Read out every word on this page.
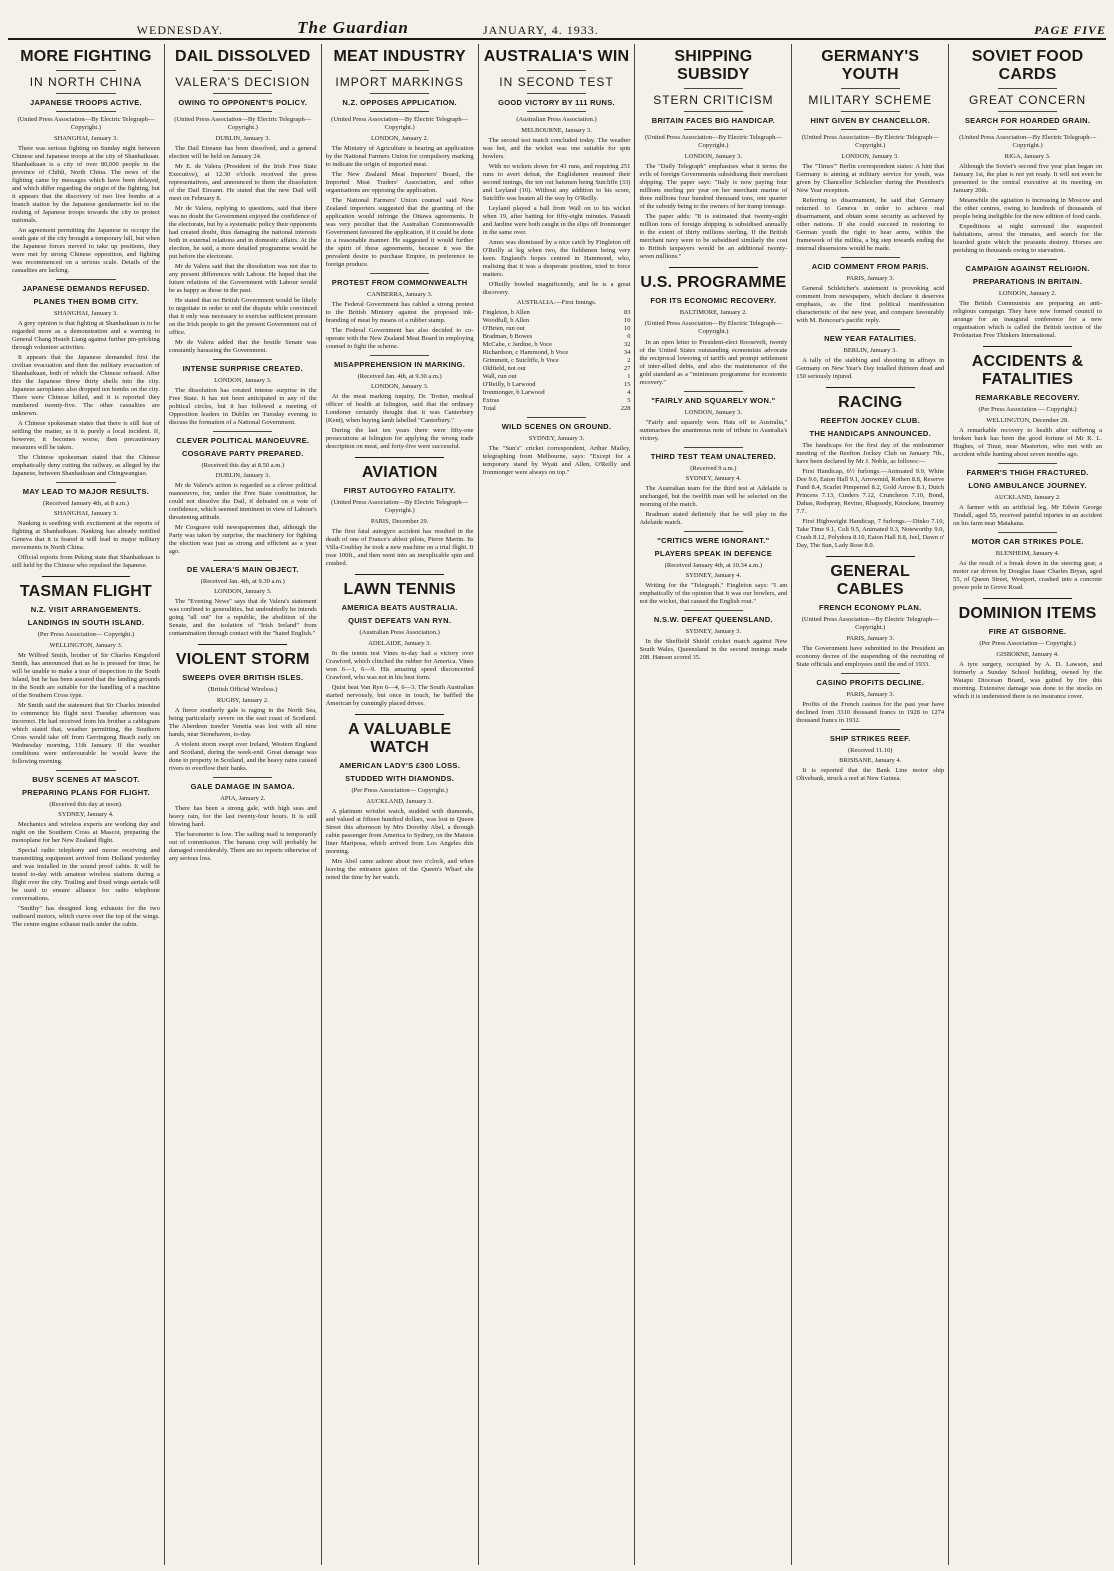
WEDNESDAY.	The Guardian	JANUARY, 4. 1933.	PAGE FIVE
MORE FIGHTING
IN NORTH CHINA
JAPANESE TROOPS ACTIVE.
(United Press Association—By Electric Telegraph—Copyright.)
SHANGHAI, January 3.

There was serious fighting on Sunday night between Chinese and Japanese troops at the city of Shanhaikuan. Shanhaikuan is a city of over 80,000 people in the province of Chihli, North China. The news of the fighting came by messages which have been delayed, and which differ regarding the origin of the fighting, but it appears that the discovery of two live bombs at a branch station by the Japanese gendarmerie led to the rushing of Japanese troops towards the city to protect nationals.

An agreement permitting the Japanese to occupy the south gate of the city brought a temporary lull, but when the Japanese forces moved to take up positions, they were met by strong Chinese opposition, and fighting was recommenced on a serious scale. Details of the casualties are lacking.

JAPANESE DEMANDS REFUSED.
PLANES THEN BOMB CITY.
SHANGHAI, January 3.

A grey opinion is that fighting at Shanhaikuan is to be regarded more as a demonstration and a warning to General Chang Hsueh Liang against further pin-pricking through volunteer activities.

It appears that the Japanese demanded first the civilian evacuation and then the military evacuation of Shanhaikuan, both of which the Chinese refused. After this the Japanese threw thirty shells into the city. Japanese aeroplanes also dropped ten bombs on the city. There were Chinese killed, and it is reported they numbered twenty-five. The other casualties are unknown.

A Chinese spokesman states that there is still fear of settling the matter, as it is purely a local incident. If, however, it becomes worse, then precautionary measures will be taken.

The Chinese spokesman stated that the Chinese emphatically deny cutting the railway, as alleged by the Japanese, between Shanhaikuan and Chingwangtao.

MAY LEAD TO MAJOR RESULTS.
(Received January 4th, at 8 a.m.)
SHANGHAI, January 3.

Nanking is seething with excitement at the reports of fighting at Shanhaikuan. Nanking has already notified Geneva that it is feared it will lead to major military movements in North China.

Official reports from Peking state that Shanhaikuan is still held by the Chinese who repulsed the Japanese.

TASMAN FLIGHT
N.Z. VISIT ARRANGEMENTS.
LANDINGS IN SOUTH ISLAND.
(Per Press Association— Copyright.)
WELLINGTON, January 3.

Mr Wilfred Smith, brother of Sir Charles Kingsford Smith, has announced that as he is pressed for time, he will be unable to make a tour of inspection in the South Island, but he has been assured that the landing grounds in the South are suitable for the handling of a machine of the Southern Cross type.

Mr Smith said the statement that Sir Charles intended to commence his flight next Tuesday afternoon was incorrect. He had received from his brother a cablegram which stated that, weather permitting, the Southern Cross would take off from Gerringong Beach early on Wednesday morning, 11th January. If the weather conditions were unfavourable he would leave the following morning.

BUSY SCENES AT MASCOT.
PREPARING PLANS FOR FLIGHT.
(Received this day at noon).
SYDNEY, January 4.

Mechanics and wireless experts are working day and night on the Southern Cross at Mascot, preparing the monoplane for her New Zealand flight.

Special radio telephony and morse receiving and transmitting equipment arrived from Holland yesterday and was installed in the sound proof cabin. It will be tested to-day with amateur wireless stations during a flight over the city. Trailing and fixed wings aerials will be used to ensure alliance for radio telephone conversations.

"Smithy" has designed long exhausts for the two outboard motors, which curve over the top of the wings. The centre engine exhaust trails under the cabin.

DAIL DISSOLVED
VALERA'S DECISION
OWING TO OPPONENT'S POLICY.
(United Press Association—By Electric Telegraph—Copyright.)
DUBLIN, January 3.

The Dail Eireann has been dissolved, and a general election will be held on January 24.

Mr E. de Valera (President of the Irish Free State Executive), at 12.30 o'clock received the press representatives, and announced to them the dissolution of the Dail Eireann. He stated that the new Dail will meet on February 8.

Mr de Valera, replying to questions, said that there was no doubt the Government enjoyed the confidence of the electorate, but by a systematic policy their opponents had created doubt, thus damaging the national interests both in external relations and in domestic affairs. At the election, he said, a more detailed programme would be put before the electorate.

Mr de Valera said that the dissolution was not due to any present differences with Labour. He hoped that the future relations of the Government with Labour would be as happy as those in the past.

He stated that no British Government would be likely to negotiate in order to end the dispute while convinced that it only was necessary to exercise sufficient pressure on the Irish people to get the present Government out of office.

Mr de Valera added that the hostile Senate was constantly harassing the Government.

INTENSE SURPRISE CREATED.
LONDON, January 3.

The dissolution has created intense surprise in the Free State. It has not been anticipated in any of the political circles, but it has followed a meeting of Opposition leaders in Dublin on Tuesday evening to discuss the formation of a National Government.

CLEVER POLITICAL MANOEUVRE.
COSGRAVE PARTY PREPARED.
(Received this day at 8.50 a.m.)
DUBLIN, January 3.

Mr de Valera's action is regarded as a clever political manoeuvre, for, under the Free State constitution, he could not dissolve the Dail, if defeated on a vote of confidence, which seemed imminent in view of Labour's threatening attitude.

Mr Cosgrave told newspapermen that, although the Party was taken by surprise, the machinery for fighting the election was just as strong and efficient as a year ago.

DE VALERA'S MAIN OBJECT.
(Received Jan. 4th, at 9.30 a.m.)
LONDON, January 3.

The "Evening News" says that de Valera's statement was confined to generalities, but undoubtedly he intends going "all out" for a republic, the abolition of the Senate, and the isolation of "Irish Ireland" from contamination through contact with the "hated English."

VIOLENT STORM
SWEEPS OVER BRITISH ISLES.
(British Official Wireless.)
RUGBY, January 2.

A fierce southerly gale is raging in the North Sea, being particularly severe on the east coast of Scotland. The Aberdeen trawler Venetia was lost with all nine hands, near Stonehaven, to-day.

A violent storm swept over Ireland, Western England and Scotland, during the week-end. Great damage was done to property in Scotland, and the heavy rains caused rivers to overflow their banks.

GALE DAMAGE IN SAMOA.
APIA, January 2.

There has been a strong gale, with high seas and heavy rain, for the last twenty-four hours. It is still blowing hard.

The barometer is low. The sailing mail is temporarily out of commission. The banana crop will probably be damaged considerably. There are no reports otherwise of any serious loss.

MEAT INDUSTRY
IMPORT MARKINGS
N.Z. OPPOSES APPLICATION.
(United Press Association—By Electric Telegraph—Copyright.)
LONDON, January 2.

The Ministry of Agriculture is hearing an application by the National Farmers Union for compulsory marking to indicate the origin of imported meat.

The New Zealand Meat Importers' Board, the Imported Meat Traders' Association, and other organisations are opposing the application.

The National Farmers' Union counsel said New Zealand importers suggested that the granting of the application would infringe the Ottawa agreements. It was very peculiar that the Australian Commonwealth Government favoured the application, if it could be done in a reasonable manner. He suggested it would further the spirit of these agreements, because it was the prevalent desire to purchase Empire, in preference to foreign produce.

PROTEST FROM COMMONWEALTH
CANBERRA, January 3.

The Federal Government has cabled a strong protest to the British Ministry against the proposed ink-branding of meat by means of a rubber stamp.

The Federal Government has also decided to co-operate with the New Zealand Meat Board in employing counsel to fight the scheme.

MISAPPREHENSION IN MARKING.
(Received Jan. 4th, at 9.30 a.m.)
LONDON, January 3.

At the meat marking inquiry, Dr. Trotter, medical officer of health at Islington, said that the ordinary Londoner certainly thought that it was Canterbury (Kent), when buying lamb labelled "Canterbury."

During the last ten years there were fifty-one prosecutions at Islington for applying the wrong trade description on meat, and forty-five were successful.

AVIATION
FIRST AUTOGYRO FATALITY.
(United Press Association—By Electric Telegraph—Copyright.)
PARIS, December 29.

The first fatal autogyro accident has resulted in the death of one of France's ablest pilots, Pierre Martin. Its Villa-Coublay he took a new machine on a trial flight. It rose 100ft., and then went into an inexplicable spin and crashed.

LAWN TENNIS
AMERICA BEATS AUSTRALIA.
QUIST DEFEATS VAN RYN.
(Australian Press Association.)
ADELAIDE, January 3.

In the tennis test Vines to-day had a victory over Crawford, which clinched the rubber for America. Vines won 6—1, 6—9. His amazing speed disconcerted Crawford, who was not in his best form.

Quist beat Van Ryn 6—4, 6—3. The South Australian started nervously, but once in touch, he baffled the American by cunningly placed drives.

A VALUABLE WATCH
AMERICAN LADY'S £300 LOSS.
STUDDED WITH DIAMONDS.
(Per Press Association— Copyright.)
AUCKLAND, January 3.

A platinum wristlet watch, studded with diamonds, and valued at fifteen hundred dollars, was lost in Queen Street this afternoon by Mrs Dorothy Abel, a through cabin passenger from America to Sydney, on the Matson liner Mariposa, which arrived from Los Angeles this morning.

Mrs Abel came ashore about two o'clock, and when leaving the entrance gates of the Queen's Wharf she noted the time by her watch.

AUSTRALIA'S WIN
IN SECOND TEST
GOOD VICTORY BY 111 RUNS.
(Australian Press Association.)
MELBOURNE, January 3.

The second test match concluded today. The weather was hot, and the wicket was one suitable for spin bowlers.

With no wickets down for 43 runs, and requiring 251 runs to avert defeat, the Englishmen resumed their second innings, the ten out batsmen being Sutcliffe (33) and Leyland (10). Without any addition to his score, Sutcliffe was beaten all the way by O'Reilly.

Leyland played a ball from Wall on to his wicket when 19, after batting for fifty-eight minutes. Pataudi and Jardine were both caught in the slips off Ironmonger in the same over.

Ames was dismissed by a nice catch by Fingleton off O'Reilly at leg when two, the fieldsmen being very keen. England's hopes centred in Hammond, who, realising that it was a desperate position, tried to force matters.

O'Reilly bowled magnificently, and he is a great discovery.

AUSTRALIA.—First Innings.
Fingleton, b Allen	83
Woodfull, b Allen	10
O'Brien, run out	10
Bradman, b Bowes	0
McCabe, c Jardine, b Voce	32
Richardson, c Hammond, b Voce	34
Grimmett, c Sutcliffe, b Voce	2
Oldfield, not out	27
Wall, run out	1
O'Reilly, b Larwood	15
Ironmonger, b Larwood	4
Extras	5
Total	228
WILD SCENES ON GROUND.
SYDNEY, January 3.

The "Sun's" cricket correspondent, Arthur Mailey, telegraphing from Melbourne, says: "Except for a temporary stand by Wyatt and Allen, O'Reilly and Ironmonger were always on top."

SHIPPING SUBSIDY
STERN CRITICISM
BRITAIN FACES BIG HANDICAP.
(United Press Association—By Electric Telegraph—Copyright.)
LONDON, January 3.

The "Daily Telegraph" emphasises what it terms the evils of foreign Governments subsidising their merchant shipping. The paper says: "Italy is now paying four millions sterling per year on her merchant marine of three millions four hundred thousand tons, one quarter of the subsidy being to the owners of her tramp tonnage.

The paper adds: "It is estimated that twenty-eight million tons of foreign shipping is subsidised annually to the extent of thirty millions sterling. If the British merchant navy were to be subsidised similarly the cost to British taxpayers would be an additional twenty-seven millions."

U.S. PROGRAMME
FOR ITS ECONOMIC RECOVERY.
BALTIMORE, January 2.
(United Press Association—By Electric Telegraph—Copyright.)

In an open letter to President-elect Roosevelt, twenty of the United States outstanding economists advocate the reciprocal lowering of tariffs and prompt settlement of inter-allied debts, and also the maintenance of the gold standard as a "minimum programme for economic recovery."

"FAIRLY AND SQUARELY WON."
LONDON, January 3.

"Fairly and squarely won. Hats off to Australia," summarises the unanimous note of tribute to Australia's victory.

THIRD TEST TEAM UNALTERED.
(Received 9 a.m.)
SYDNEY, January 4.

The Australian team for the third test at Adelaide is unchanged, but the twelfth man will be selected on the morning of the match.

Bradman stated definitely that he will play in the Adelaide match.

"CRITICS WERE IGNORANT."
PLAYERS SPEAK IN DEFENCE
(Received January 4th, at 10.34 a.m.)
SYDNEY, January 4.

Writing for the "Telegraph," Fingleton says: "I am emphatically of the opinion that it was our bowlers, and not the wicket, that caused the English rout."

N.S.W. DEFEAT QUEENSLAND.
SYDNEY, January 3.

In the Sheffield Shield cricket match against New South Wales, Queensland in the second innings made 208. Hanson scored 35.

GERMANY'S YOUTH
MILITARY SCHEME
HINT GIVEN BY CHANCELLOR.
(United Press Association—By Electric Telegraph—Copyright.)
LONDON, January 3.

The "Times'" Berlin correspondent states: A hint that Germany is aiming at military service for youth, was given by Chancellor Schleicher during the President's New Year reception.

Referring to disarmament, he said that Germany returned to Geneva in order to achieve real disarmament, and obtain some security as achieved by other nations. If she could succeed in restoring to German youth the right to bear arms, within the framework of the militia, a big step towards ending the internal dissensions would be made.

ACID COMMENT FROM PARIS.
PARIS, January 3.

General Schleicher's statement is provoking acid comment from newspapers, which declare it deserves emphasis, as the first political manifestation characteristic of the new year, and compare favourably with M. Boncour's pacific reply.

NEW YEAR FATALITIES.
BERLIN, January 3.

A tally of the stabbing and shooting in affrays in Germany on New Year's Day totalled thirteen dead and 150 seriously injured.

RACING
REEFTON JOCKEY CLUB.
THE HANDICAPS ANNOUNCED.

The handicaps for the first day of the midsummer meeting of the Reefton Jockey Club on January 7th., have been declared by Mr J. Noble, as follows:—

First Handicap, 6½ furlongs.—Animated 9.9, White Dee 9.6, Eaton Hall 9.1, Arrowmid, Rothen 8.8, Reserve Fund 8.4, Scarlet Pimpernel 8.2, Gold Arrow 8.1, Dutch Princess 7.13, Cinders 7.12, Cruncheon 7.10, Bond, Dahas, Redspray, Revino, Rhapsody, Knockaw, Insurrey 7.7.

First Highweight Handicap, 7 furlongs.—Dinko 7.10, Take Time 9.1, Coli 9.5, Animated 9.3, Noteworthy 9.0, Crash 8.12, Polydora 8.10, Eaton Hall 8.8, Jeel, Dawn o' Day, The Sun, Lady Rose 8.0.

GENERAL CABLES
FRENCH ECONOMY PLAN.
(United Press Association—By Electric Telegraph—Copyright.)
PARIS, January 3.

The Government have submitted to the President an economy decree of the suspending of the recruiting of State officials and employees until the end of 1933.

CASINO PROFITS DECLINE.
PARIS, January 3.

Profits of the French casinos for the past year have declined from 3310 thousand francs in 1928 to 1274 thousand francs in 1932.

SHIP STRIKES REEF.
(Received 11.10)
BRISBANE, January 4.

It is reported that the Bank Line motor ship Olivebank, struck a reef at New Guinea.

SOVIET FOOD CARDS
GREAT CONCERN
SEARCH FOR HOARDED GRAIN.
(United Press Association—By Electric Telegraph—Copyright.)
RIGA, January 3.

Although the Soviet's second five year plan began on January 1st, the plan is not yet ready. It will not even be presented to the central executive at its meeting on January 20th.

Meanwhile the agitation is increasing in Moscow and the other centres, owing to hundreds of thousands of people being ineligible for the new edition of food cards.

Expeditions at night surround the suspected habitations, arrest the inmates, and search for the hoarded grain which the peasants destroy. Horses are perishing in thousands owing to starvation.

CAMPAIGN AGAINST RELIGION.
PREPARATIONS IN BRITAIN.
LONDON, January 2.

The British Communists are preparing an anti-religious campaign. They have now formed council to arrange for an inaugural conference for a new organisation which is called the British section of the Proletarian Free Thinkers International.

ACCIDENTS & FATALITIES
REMARKABLE RECOVERY.
(Per Press Association — Copyright.)
WELLINGTON, December 28.

A remarkable recovery to health after suffering a broken back has been the good fortune of Mr R. L. Hughes, of Tinui, near Masterton, who met with an accident while hunting about seven months ago.

FARMER'S THIGH FRACTURED.
LONG AMBULANCE JOURNEY.
AUCKLAND, January 2.

A farmer with an artificial leg, Mr Edwin George Tindall, aged 55, received painful injuries in an accident on his farm near Matakana.

MOTOR CAR STRIKES POLE.
BLENHEIM, January 4.

As the result of a break down in the steering gear, a motor car driven by Douglas Isaac Charles Bryan, aged 55, of Queen Street, Westport, crashed into a concrete power pole in Grove Road.

DOMINION ITEMS
FIRE AT GISBORNE.
(Per Press Association— Copyright.)
GISBORNE, January 4.

A tyre surgery, occupied by A. D. Lawson, and formerly a Sunday School building, owned by the Waiapu Diocesan Board, was gutted by fire this morning. Extensive damage was done to the stocks on which it is understood there is no insurance cover.
